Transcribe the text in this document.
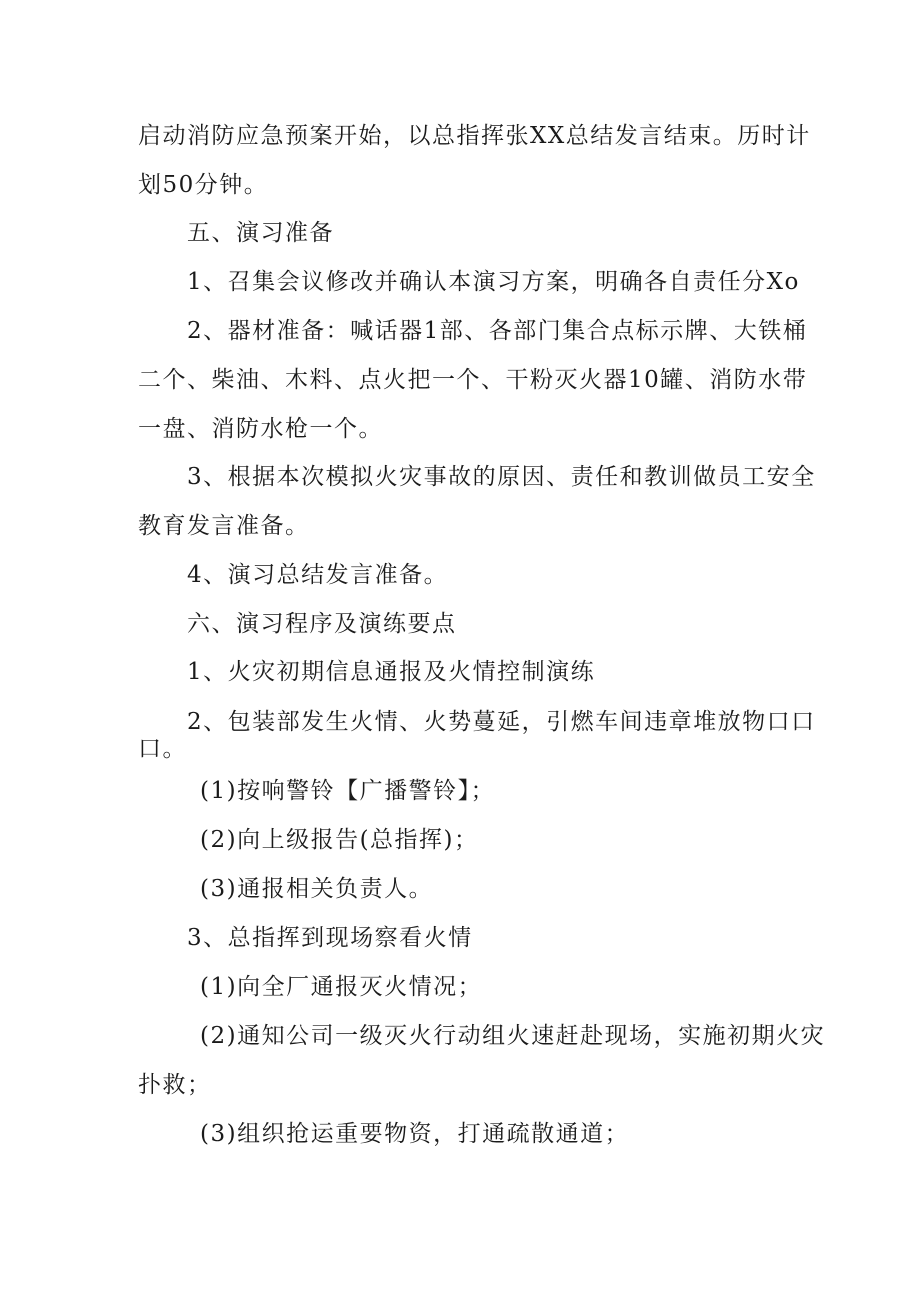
启动消防应急预案开始，以总指挥张XX总结发言结束。历时计
划50分钟。
五、演习准备
1、召集会议修改并确认本演习方案，明确各自责任分Xo
2、器材准备：喊话器1部、各部门集合点标示牌、大铁桶
二个、柴油、木料、点火把一个、干粉灭火器10罐、消防水带
一盘、消防水枪一个。
3、根据本次模拟火灾事故的原因、责任和教训做员工安全
教育发言准备。
4、演习总结发言准备。
六、演习程序及演练要点
1、火灾初期信息通报及火情控制演练
2、包装部发生火情、火势蔓延，引燃车间违章堆放物口口
口。
(1)按响警铃【广播警铃】；
(2)向上级报告(总指挥)；
(3)通报相关负责人。
3、总指挥到现场察看火情
(1)向全厂通报灭火情况；
(2)通知公司一级灭火行动组火速赶赴现场，实施初期火灾
扑救；
(3)组织抢运重要物资，打通疏散通道；
